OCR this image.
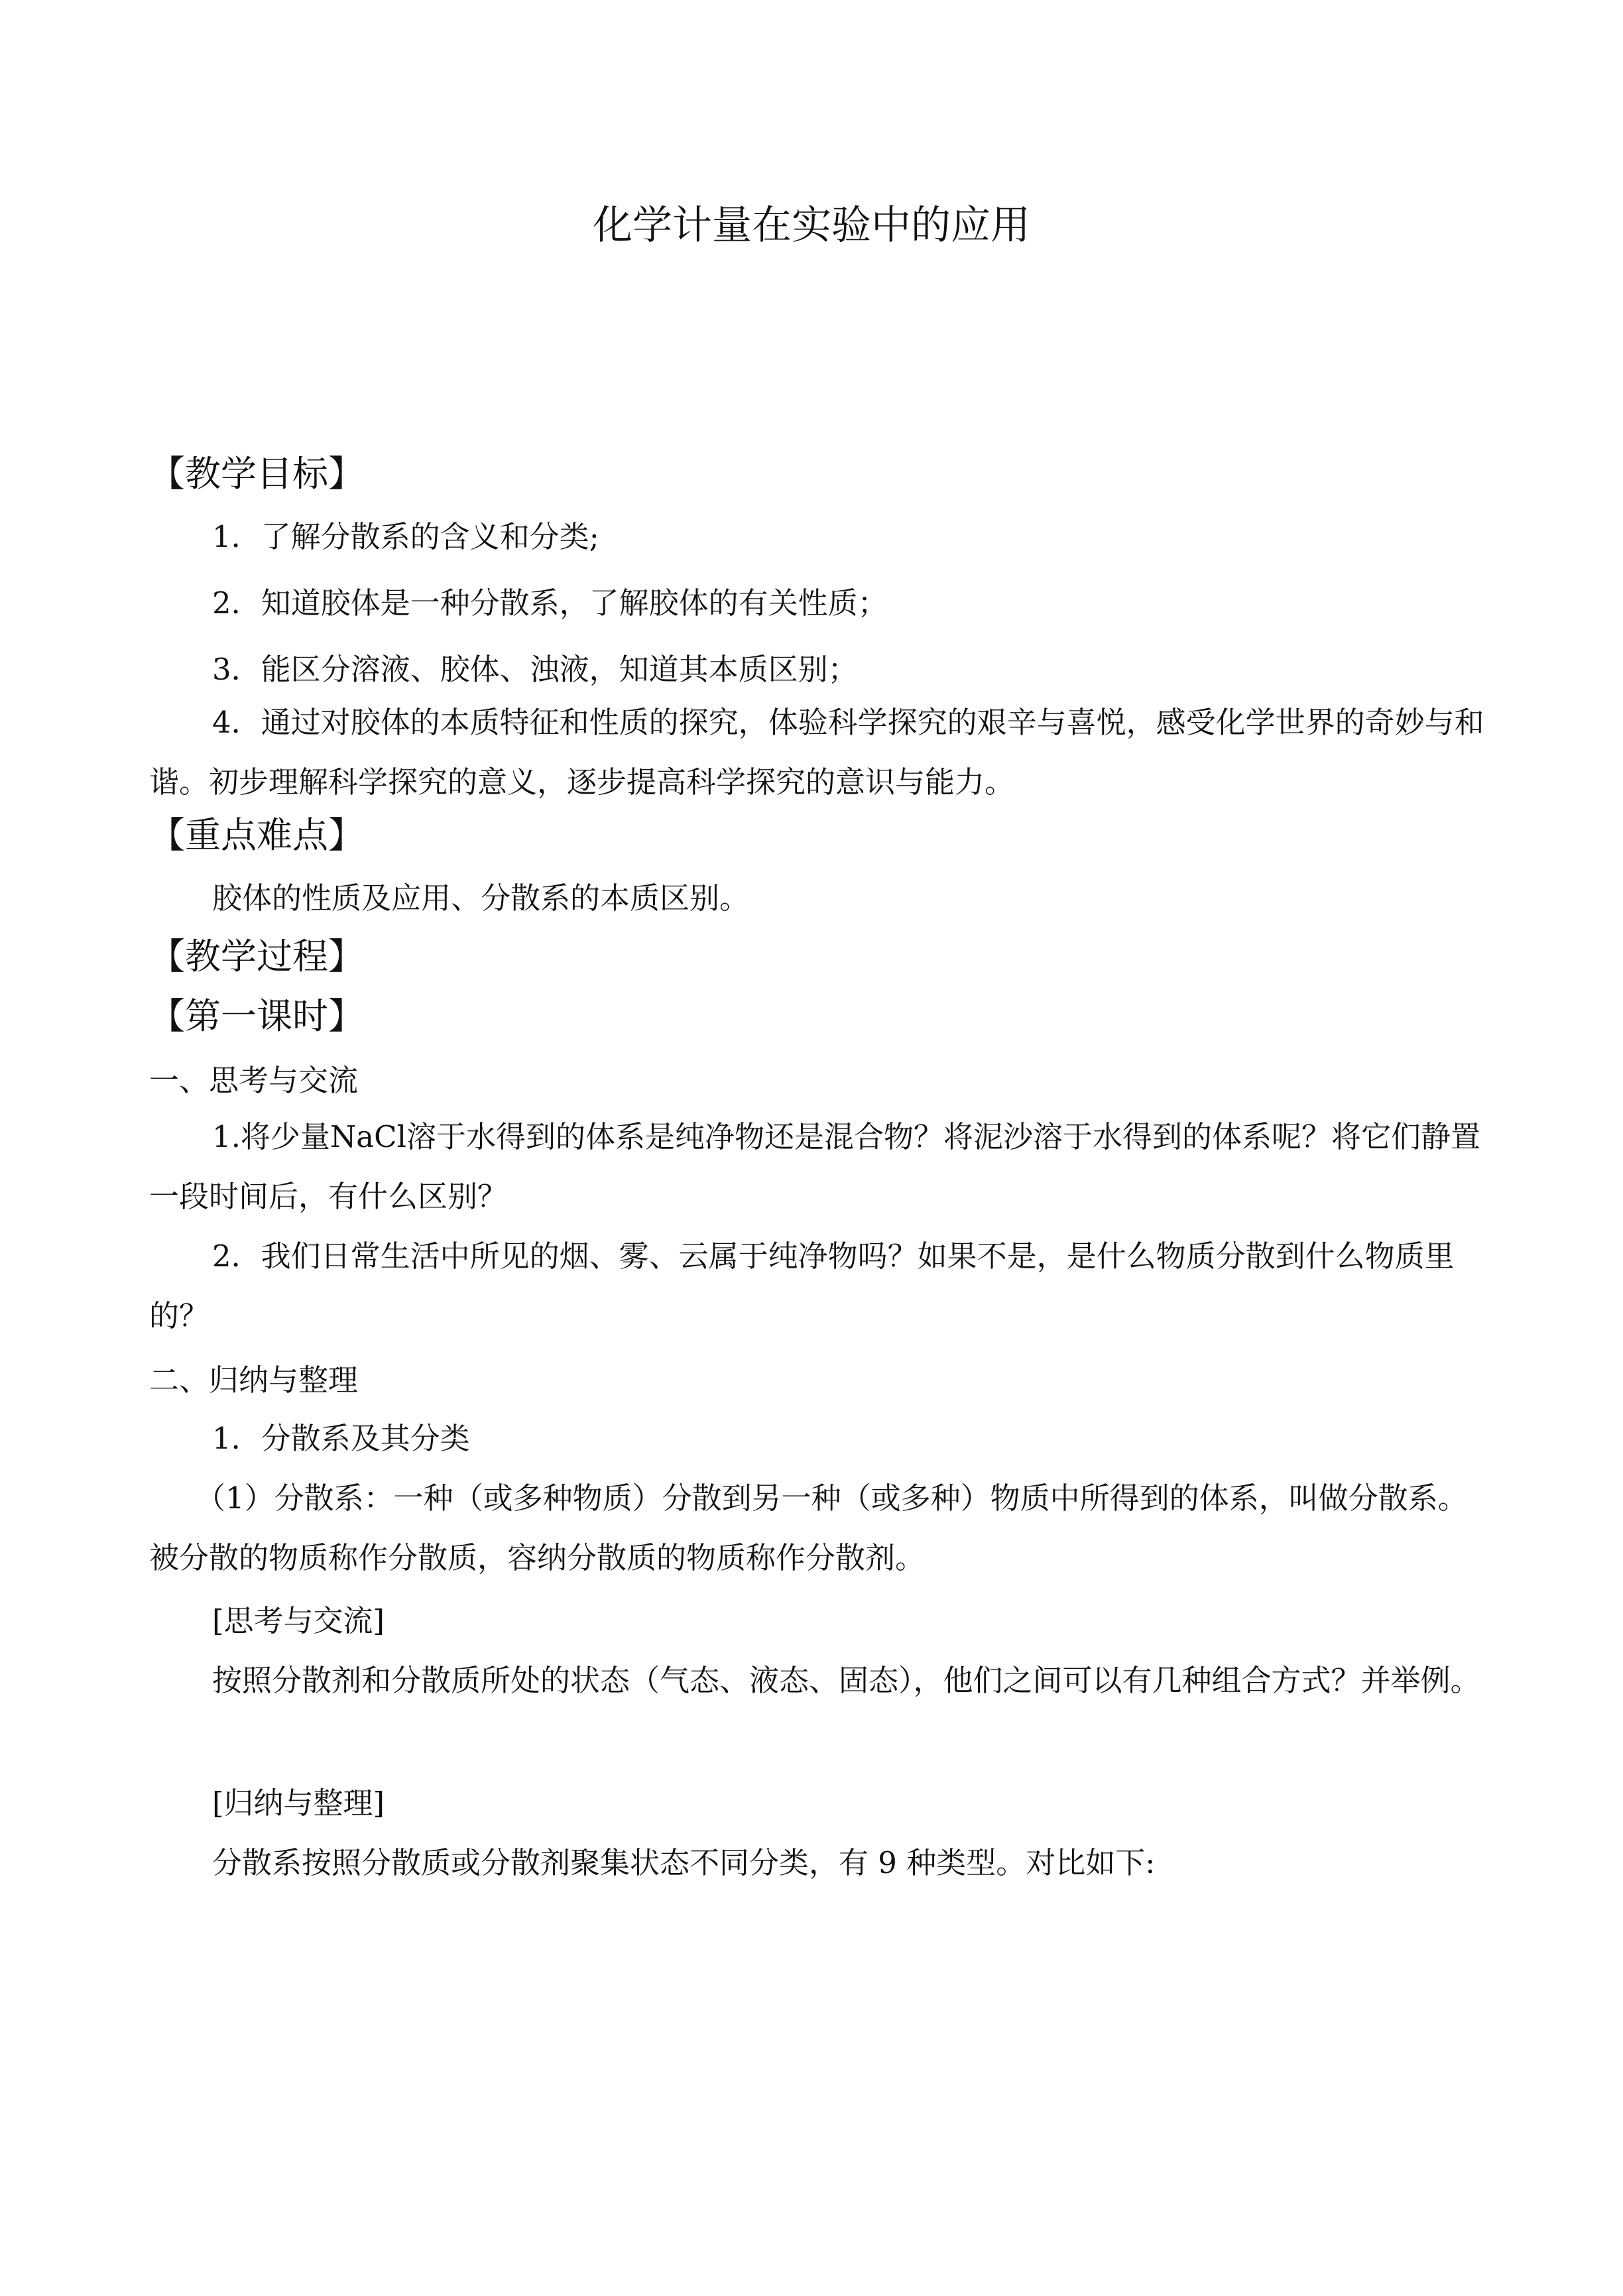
化学计量在实验中的应用
【教学目标】
1．了解分散系的含义和分类;
2．知道胶体是一种分散系，了解胶体的有关性质；
3．能区分溶液、胶体、浊液，知道其本质区别；
4．通过对胶体的本质特征和性质的探究，体验科学探究的艰辛与喜悦，感受化学世界的奇妙与和谐。初步理解科学探究的意义，逐步提高科学探究的意识与能力。
【重点难点】
胶体的性质及应用、分散系的本质区别。
【教学过程】
【第一课时】
一、思考与交流
1.将少量NaCl溶于水得到的体系是纯净物还是混合物？将泥沙溶于水得到的体系呢？将它们静置一段时间后，有什么区别？
2．我们日常生活中所见的烟、雾、云属于纯净物吗？如果不是，是什么物质分散到什么物质里的？
二、归纳与整理
1．分散系及其分类
（1）分散系：一种（或多种物质）分散到另一种（或多种）物质中所得到的体系，叫做分散系。被分散的物质称作分散质，容纳分散质的物质称作分散剂。
[思考与交流]
按照分散剂和分散质所处的状态（气态、液态、固态），他们之间可以有几种组合方式？并举例。
[归纳与整理]
分散系按照分散质或分散剂聚集状态不同分类，有 9 种类型。对比如下:
